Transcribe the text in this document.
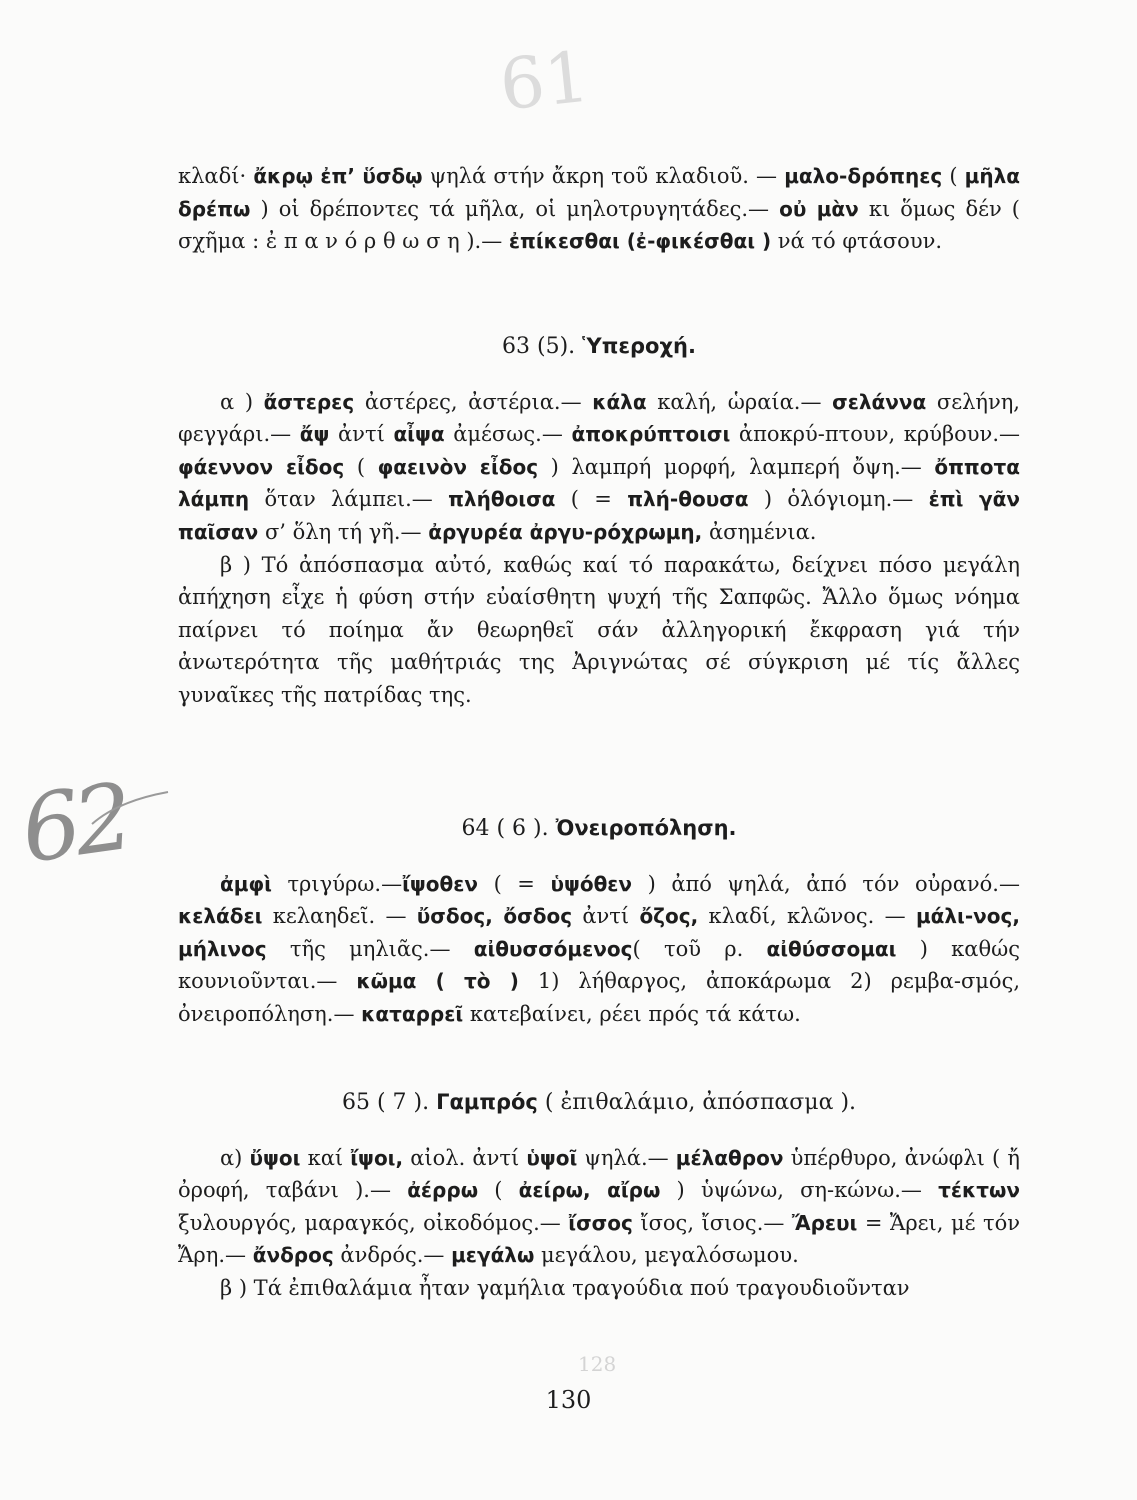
61
128
62

κλαδί· ἄκρῳ ἐπ’ ὕσδῳ ψηλά στήν ἄκρη τοῦ κλαδιοῦ. — μαλο-δρόπηες ( μῆλα δρέπω ) οἱ δρέποντες τά μῆλα, οἱ μηλοτρυγητάδες.— οὐ μὰν κι ὅμως δέν ( σχῆμα : ἐ π α ν ό ρ θ ω σ η ).— ἐπίκεσθαι (ἐ-φικέσθαι ) νά τό φτάσουν.

63 (5). Ὑπεροχή.

α ) ἄστερες ἀστέρες, ἀστέρια.— κάλα καλή, ὡραία.— σελάννα σελήνη, φεγγάρι.— ἄψ ἀντί αἶψα ἀμέσως.— ἀποκρύπτοισι ἀποκρύ-πτουν, κρύβουν.— φάεννον εἶδος ( φαεινὸν εἶδος ) λαμπρή μορφή, λαμπερή ὄψη.— ὄπποτα λάμπη ὅταν λάμπει.— πλήθοισα ( = πλή-θουσα ) ὁλόγιομη.— ἐπὶ γᾶν παῖσαν σ’ ὅλη τή γῆ.— ἀργυρέα ἀργυ-ρόχρωμη, ἀσημένια.

β ) Τό ἀπόσπασμα αὐτό, καθώς καί τό παρακάτω, δείχνει πόσο μεγάλη ἀπήχηση εἶχε ἡ φύση στήν εὐαίσθητη ψυχή τῆς Σαπφῶς. Ἄλλο ὅμως νόημα παίρνει τό ποίημα ἄν θεωρηθεῖ σάν ἀλληγορική ἔκφραση γιά τήν ἀνωτερότητα τῆς μαθήτριάς της Ἀριγνώτας σέ σύγκριση μέ τίς ἄλλες γυναῖκες τῆς πατρίδας της.

64 ( 6 ). Ὀνειροπόληση.

ἀμφὶ τριγύρω.—ἴψοθεν ( = ὑψόθεν ) ἀπό ψηλά, ἀπό τόν οὐρανό.— κελάδει κελαηδεῖ. — ὔσδος, ὄσδος ἀντί ὄζος, κλαδί, κλῶνος. — μάλι-νος, μήλινος τῆς μηλιᾶς.— αἰθυσσόμενος( τοῦ ρ. αἰθύσσομαι ) καθώς κουνιοῦνται.— κῶμα ( τὸ ) 1) λήθαργος, ἀποκάρωμα 2) ρεμβα-σμός, ὀνειροπόληση.— καταρρεῖ κατεβαίνει, ρέει πρός τά κάτω.

65 ( 7 ). Γαμπρός ( ἐπιθαλάμιο, ἀπόσπασμα ).

α) ὔψοι καί ἴψοι, αἰολ. ἀντί ὑψοῖ ψηλά.— μέλαθρον ὑπέρθυρο, ἀνώφλι ( ἤ ὀροφή, ταβάνι ).— ἀέρρω ( ἀείρω, αἴρω ) ὑψώνω, ση-κώνω.— τέκτων ξυλουργός, μαραγκός, οἰκοδόμος.— ἴσσος ἴσος, ἴσιος.— Ἄρευι = Ἄρει, μέ τόν Ἄρη.— ἄνδρος ἀνδρός.— μεγάλω μεγάλου, μεγαλόσωμου.

β ) Τά ἐπιθαλάμια ἦταν γαμήλια τραγούδια πού τραγουδιοῦνταν

130
